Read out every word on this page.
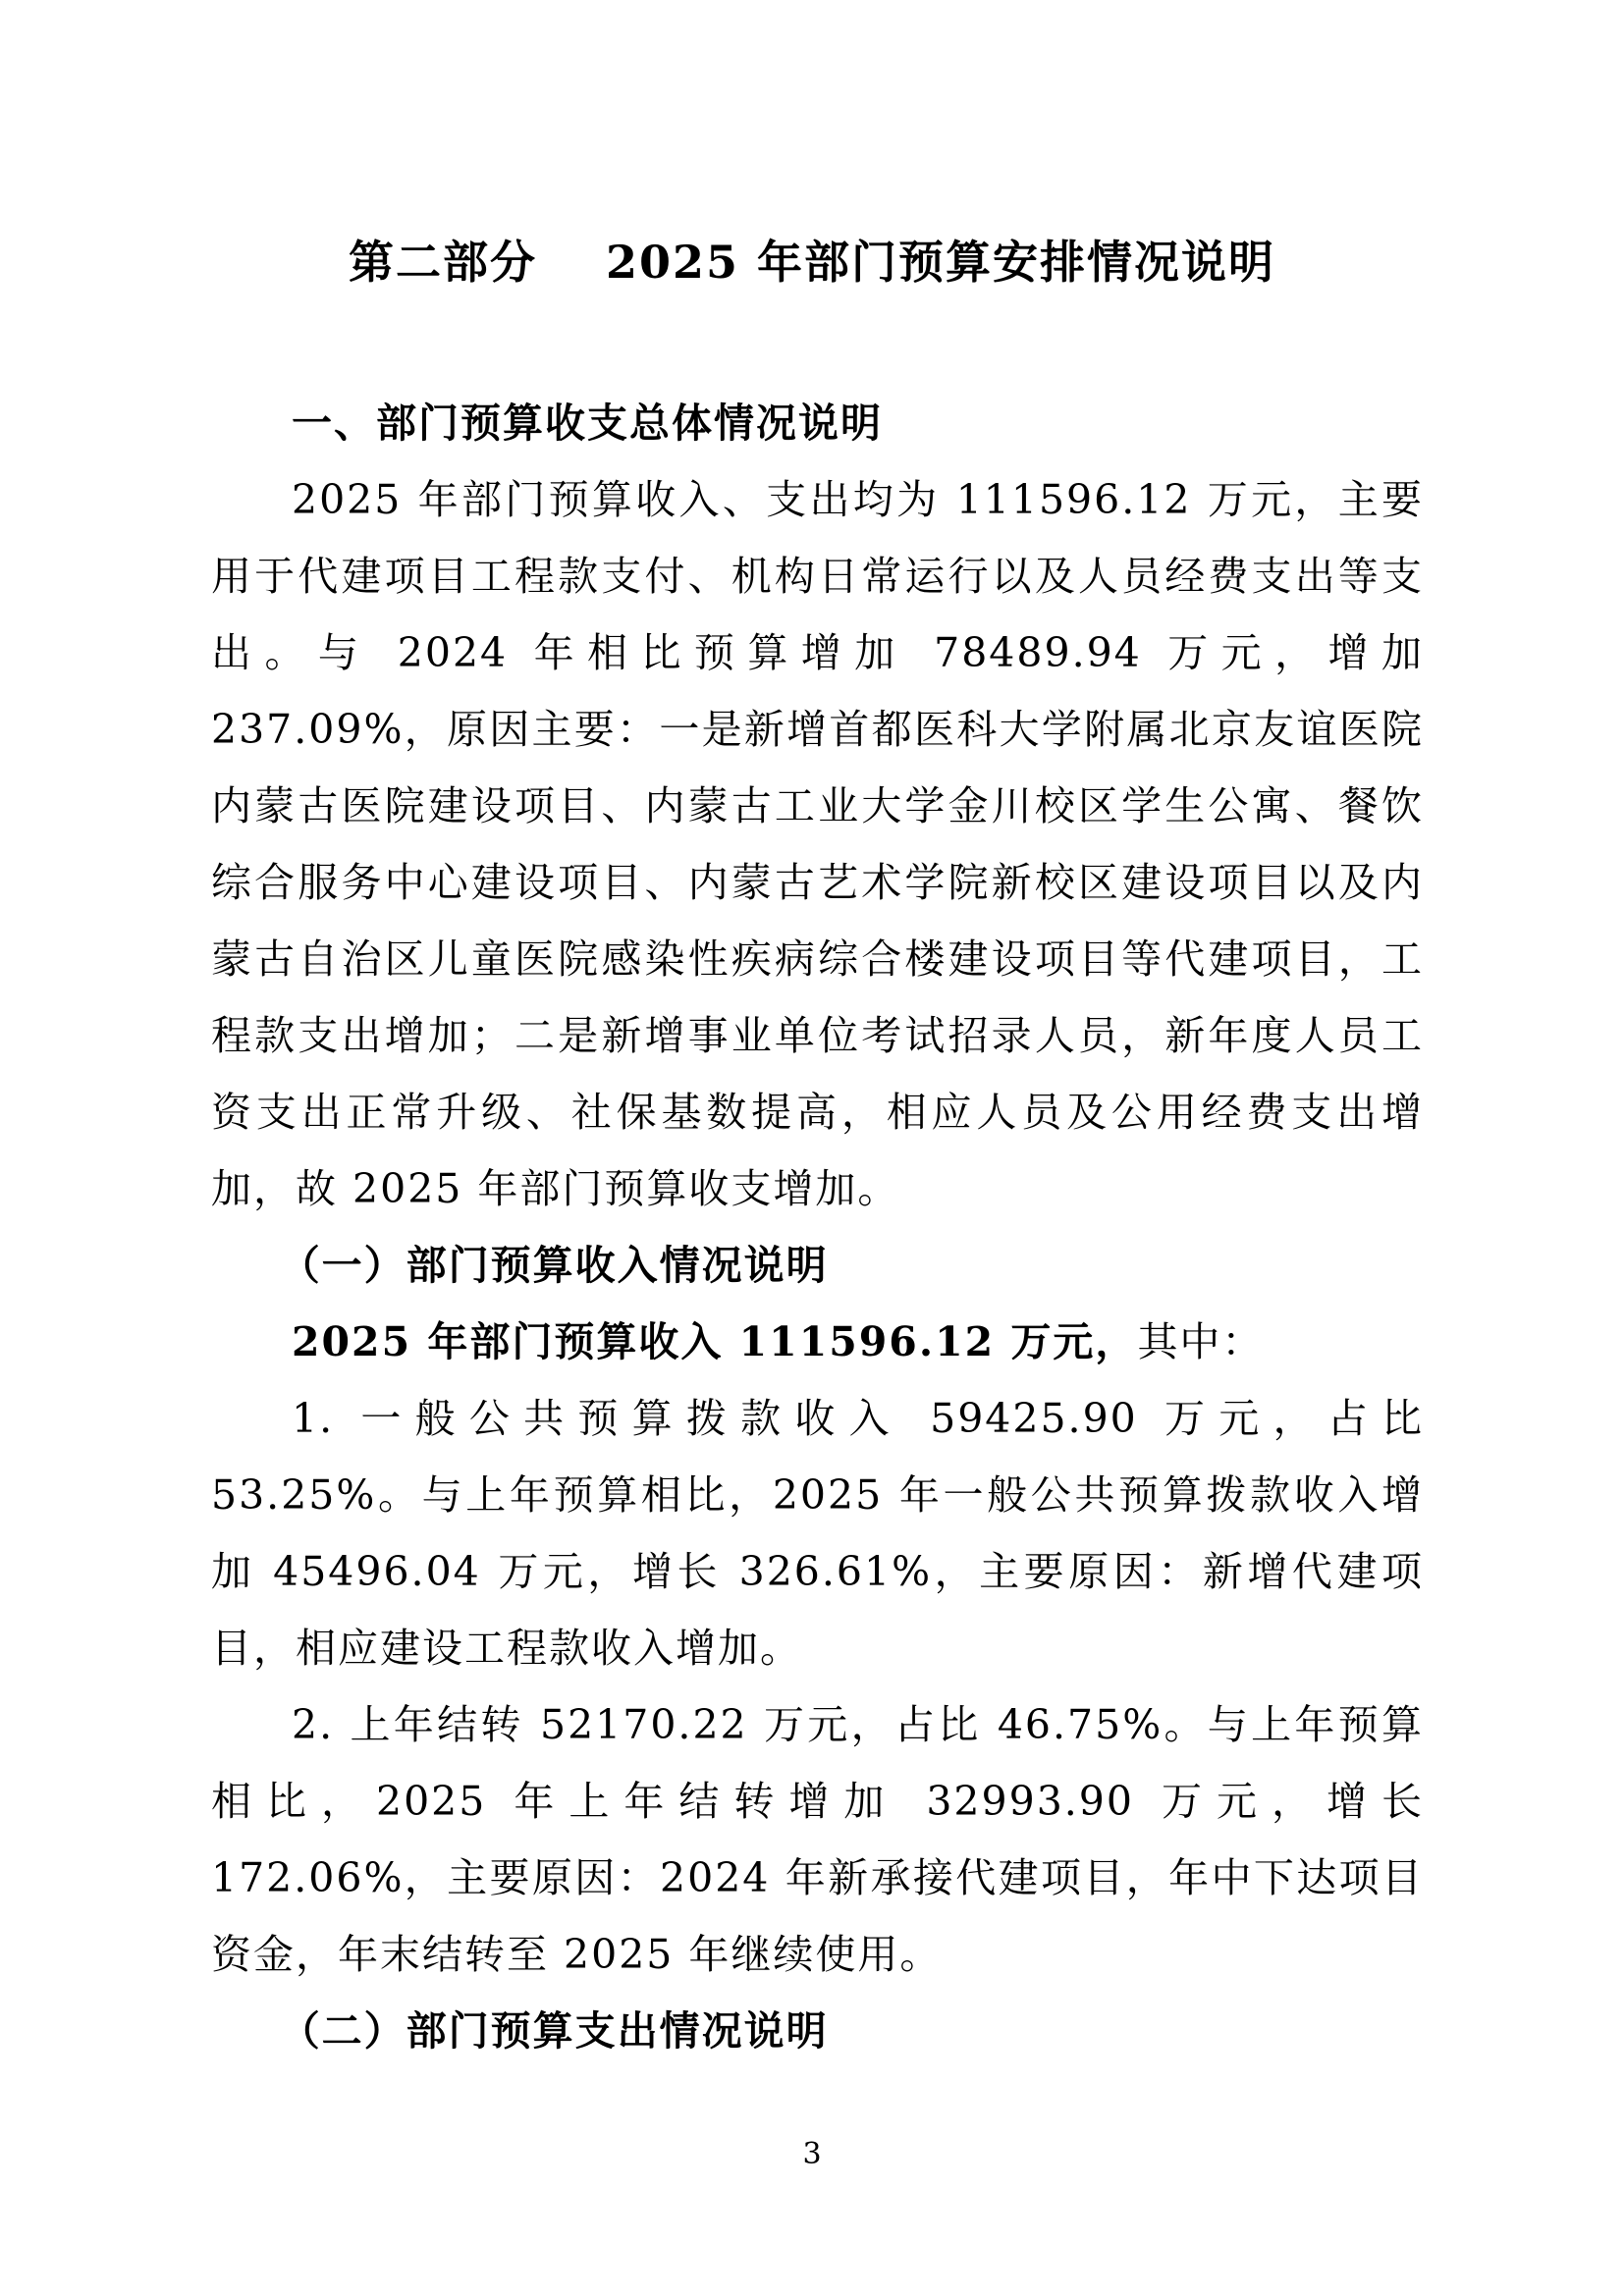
第二部分 2025 年部门预算安排情况说明

一、部门预算收支总体情况说明

2025 年部门预算收入、支出均为 111596.12 万元，主要用于代建项目工程款支付、机构日常运行以及人员经费支出等支出。与 2024 年相比预算增加 78489.94 万元，增加 237.09%，原因主要：一是新增首都医科大学附属北京友谊医院内蒙古医院建设项目、内蒙古工业大学金川校区学生公寓、餐饮综合服务中心建设项目、内蒙古艺术学院新校区建设项目以及内蒙古自治区儿童医院感染性疾病综合楼建设项目等代建项目，工程款支出增加；二是新增事业单位考试招录人员，新年度人员工资支出正常升级、社保基数提高，相应人员及公用经费支出增加，故 2025 年部门预算收支增加。

（一）部门预算收入情况说明

2025 年部门预算收入 111596.12 万元，其中：

1. 一般公共预算拨款收入 59425.90 万元，占比 53.25%。与上年预算相比，2025 年一般公共预算拨款收入增加 45496.04 万元，增长 326.61%，主要原因：新增代建项目，相应建设工程款收入增加。

2. 上年结转 52170.22 万元，占比 46.75%。与上年预算相比，2025 年上年结转增加 32993.90 万元，增长 172.06%，主要原因：2024 年新承接代建项目，年中下达项目资金，年末结转至 2025 年继续使用。

（二）部门预算支出情况说明

3
